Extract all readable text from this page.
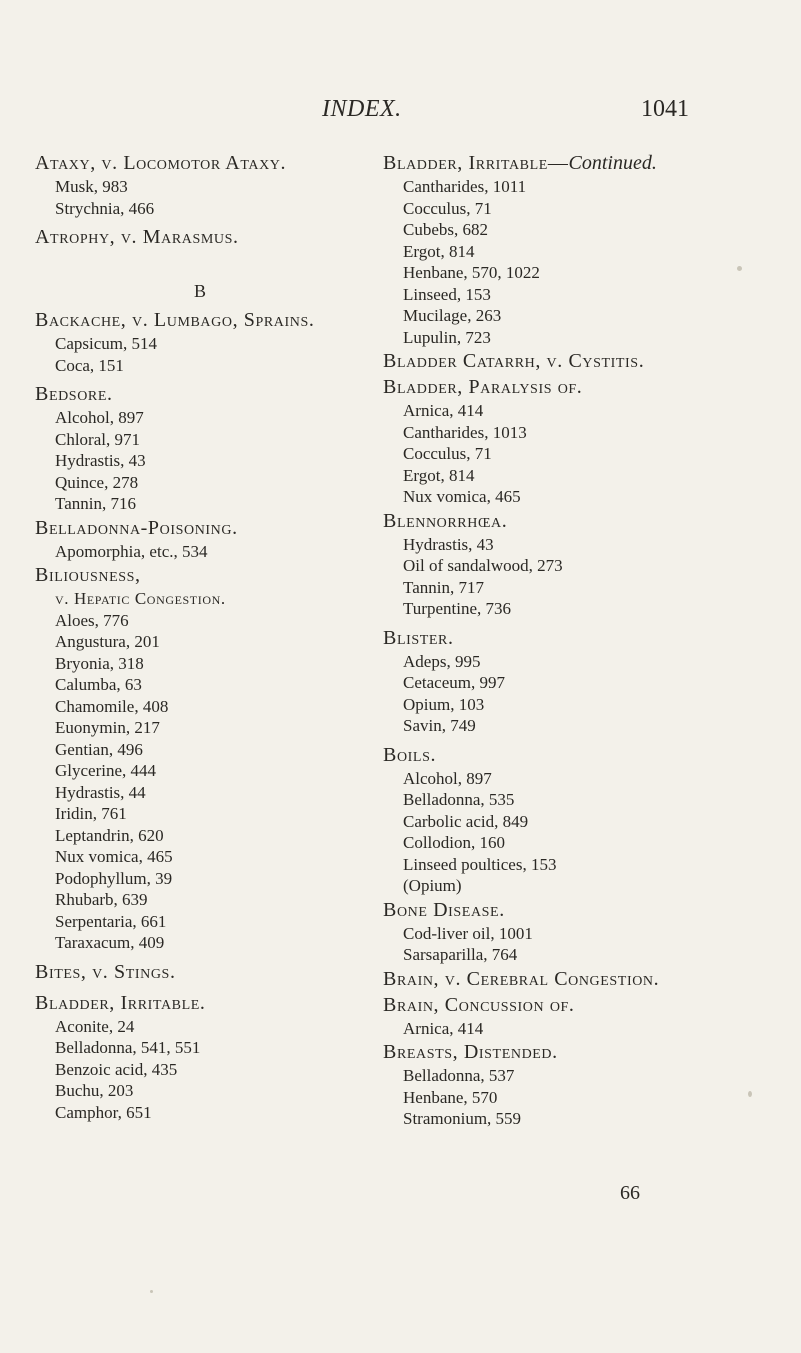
INDEX.	1041
Ataxy, v. Locomotor Ataxy.
Musk, 983
Strychnia, 466
Atrophy, v. Marasmus.
B
Backache, v. Lumbago, Sprains.
Capsicum, 514
Coca, 151
Bedsore.
Alcohol, 897
Chloral, 971
Hydrastis, 43
Quince, 278
Tannin, 716
Belladonna-Poisoning.
Apomorphia, etc., 534
Biliousness,
v. Hepatic Congestion.
Aloes, 776
Angustura, 201
Bryonia, 318
Calumba, 63
Chamomile, 408
Euonymin, 217
Gentian, 496
Glycerine, 444
Hydrastis, 44
Iridin, 761
Leptandrin, 620
Nux vomica, 465
Podophyllum, 39
Rhubarb, 639
Serpentaria, 661
Taraxacum, 409
Bites, v. Stings.
Bladder, Irritable.
Aconite, 24
Belladonna, 541, 551
Benzoic acid, 435
Buchu, 203
Camphor, 651
Bladder, Irritable—Continued.
Cantharides, 1011
Cocculus, 71
Cubebs, 682
Ergot, 814
Henbane, 570, 1022
Linseed, 153
Mucilage, 263
Lupulin, 723
Bladder Catarrh, v. Cystitis.
Bladder, Paralysis of.
Arnica, 414
Cantharides, 1013
Cocculus, 71
Ergot, 814
Nux vomica, 465
Blennorrhœa.
Hydrastis, 43
Oil of sandalwood, 273
Tannin, 717
Turpentine, 736
Blister.
Adeps, 995
Cetaceum, 997
Opium, 103
Savin, 749
Boils.
Alcohol, 897
Belladonna, 535
Carbolic acid, 849
Collodion, 160
Linseed poultices, 153
(Opium)
Bone Disease.
Cod-liver oil, 1001
Sarsaparilla, 764
Brain, v. Cerebral Congestion.
Brain, Concussion of.
Arnica, 414
Breasts, Distended.
Belladonna, 537
Henbane, 570
Stramonium, 559
66
